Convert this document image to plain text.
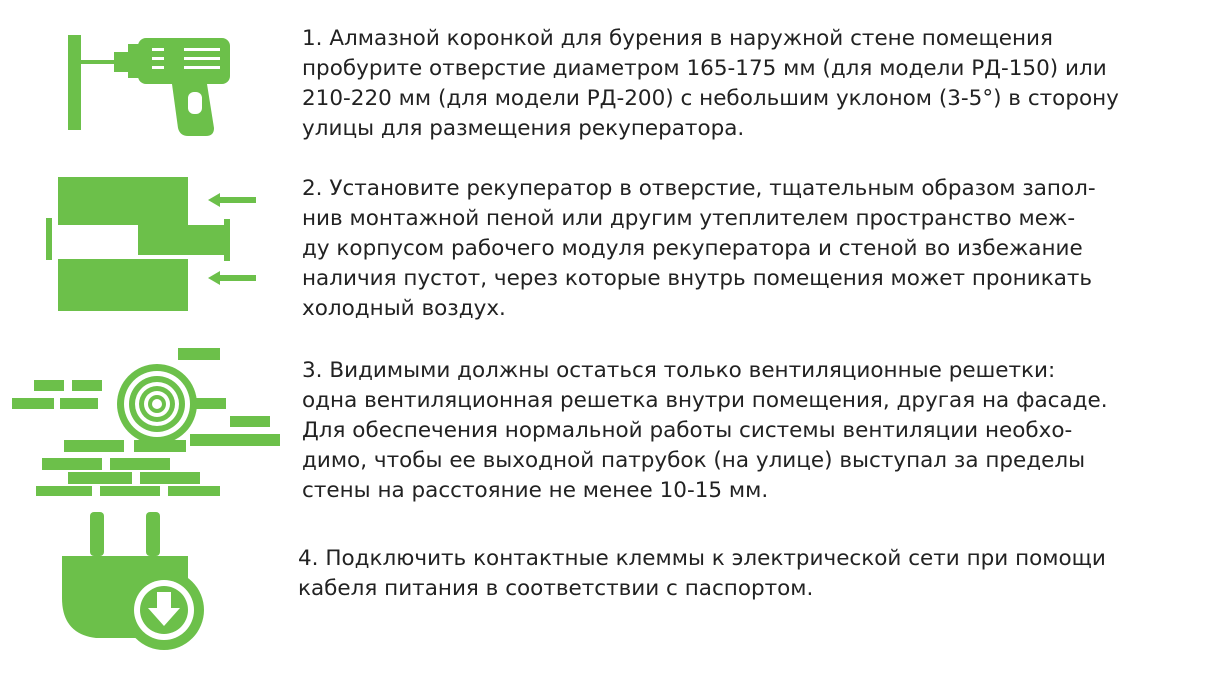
1. Алмазной коронкой для бурения в наружной стене помещения
пробурите отверстие диаметром 165-175 мм (для модели РД-150) или
210-220 мм (для модели РД-200) с небольшим уклоном (3-5°) в сторону
улицы для размещения рекуператора.

2. Установите рекуператор в отверстие, тщательным образом запол-
нив монтажной пеной или другим утеплителем пространство меж-
ду корпусом рабочего модуля рекуператора и стеной во избежание
наличия пустот, через которые внутрь помещения может проникать
холодный воздух.

3. Видимыми должны остаться только вентиляционные решетки:
одна вентиляционная решетка внутри помещения, другая на фасаде.
Для обеспечения нормальной работы системы вентиляции необхо-
димо, чтобы ее выходной патрубок (на улице) выступал за пределы
стены на расстояние не менее 10-15 мм.

4. Подключить контактные клеммы к электрической сети при помощи
кабеля питания в соответствии с паспортом.
